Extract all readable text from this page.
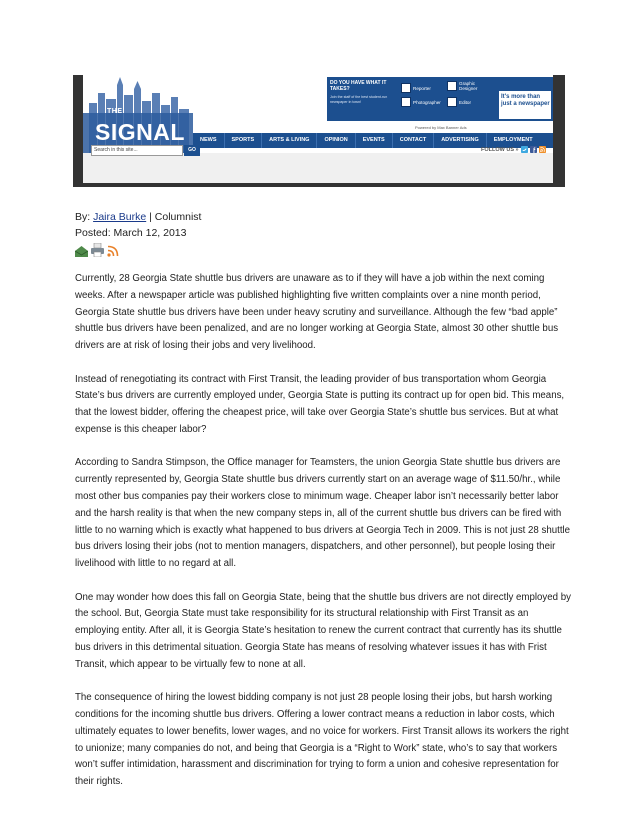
THE
SIGNAL
DO YOU HAVE WHAT IT TAKES?
Join the staff of the best student-run newspaper in town!
Reporter
Graphic Designer
Photographer	Editor
It's more than just a newspaper
Powered by Max Banner Ads
NEWS	SPORTS	ARTS & LIVING	OPINION	EVENTS	CONTACT	ADVERTISING	EMPLOYMENT
Search in this site...	GO	FOLLOW US »
By: Jaira Burke | Columnist
Posted: March 12, 2013

Currently, 28 Georgia State shuttle bus drivers are unaware as to if they will have a job within the next coming weeks. After a newspaper article was published highlighting five written complaints over a nine month period, Georgia State shuttle bus drivers have been under heavy scrutiny and surveillance. Although the few “bad apple” shuttle bus drivers have been penalized, and are no longer working at Georgia State, almost 30 other shuttle bus drivers are at risk of losing their jobs and very livelihood.

Instead of renegotiating its contract with First Transit, the leading provider of bus transportation whom Georgia State’s bus drivers are currently employed under, Georgia State is putting its contract up for open bid. This means, that the lowest bidder, offering the cheapest price, will take over Georgia State’s shuttle bus services. But at what expense is this cheaper labor?

According to Sandra Stimpson, the Office manager for Teamsters, the union Georgia State shuttle bus drivers are currently represented by, Georgia State shuttle bus drivers currently start on an average wage of $11.50/hr., while most other bus companies pay their workers close to minimum wage. Cheaper labor isn’t necessarily better labor and the harsh reality is that when the new company steps in, all of the current shuttle bus drivers can be fired with little to no warning which is exactly what happened to bus drivers at Georgia Tech in 2009. This is not just 28 shuttle bus drivers losing their jobs (not to mention managers, dispatchers, and other personnel), but people losing their livelihood with little to no regard at all.

One may wonder how does this fall on Georgia State, being that the shuttle bus drivers are not directly employed by the school. But, Georgia State must take responsibility for its structural relationship with First Transit as an employing entity. After all, it is Georgia State’s hesitation to renew the current contract that currently has its shuttle bus drivers in this detrimental situation. Georgia State has means of resolving whatever issues it has with Frist Transit, which appear to be virtually few to none at all.

The consequence of hiring the lowest bidding company is not just 28 people losing their jobs, but harsh working conditions for the incoming shuttle bus drivers. Offering a lower contract means a reduction in labor costs, which ultimately equates to lower benefits, lower wages, and no voice for workers. First Transit allows its workers the right to unionize; many companies do not, and being that Georgia is a “Right to Work” state, who’s to say that workers won’t suffer intimidation, harassment and discrimination for trying to form a union and cohesive representation for their rights.
